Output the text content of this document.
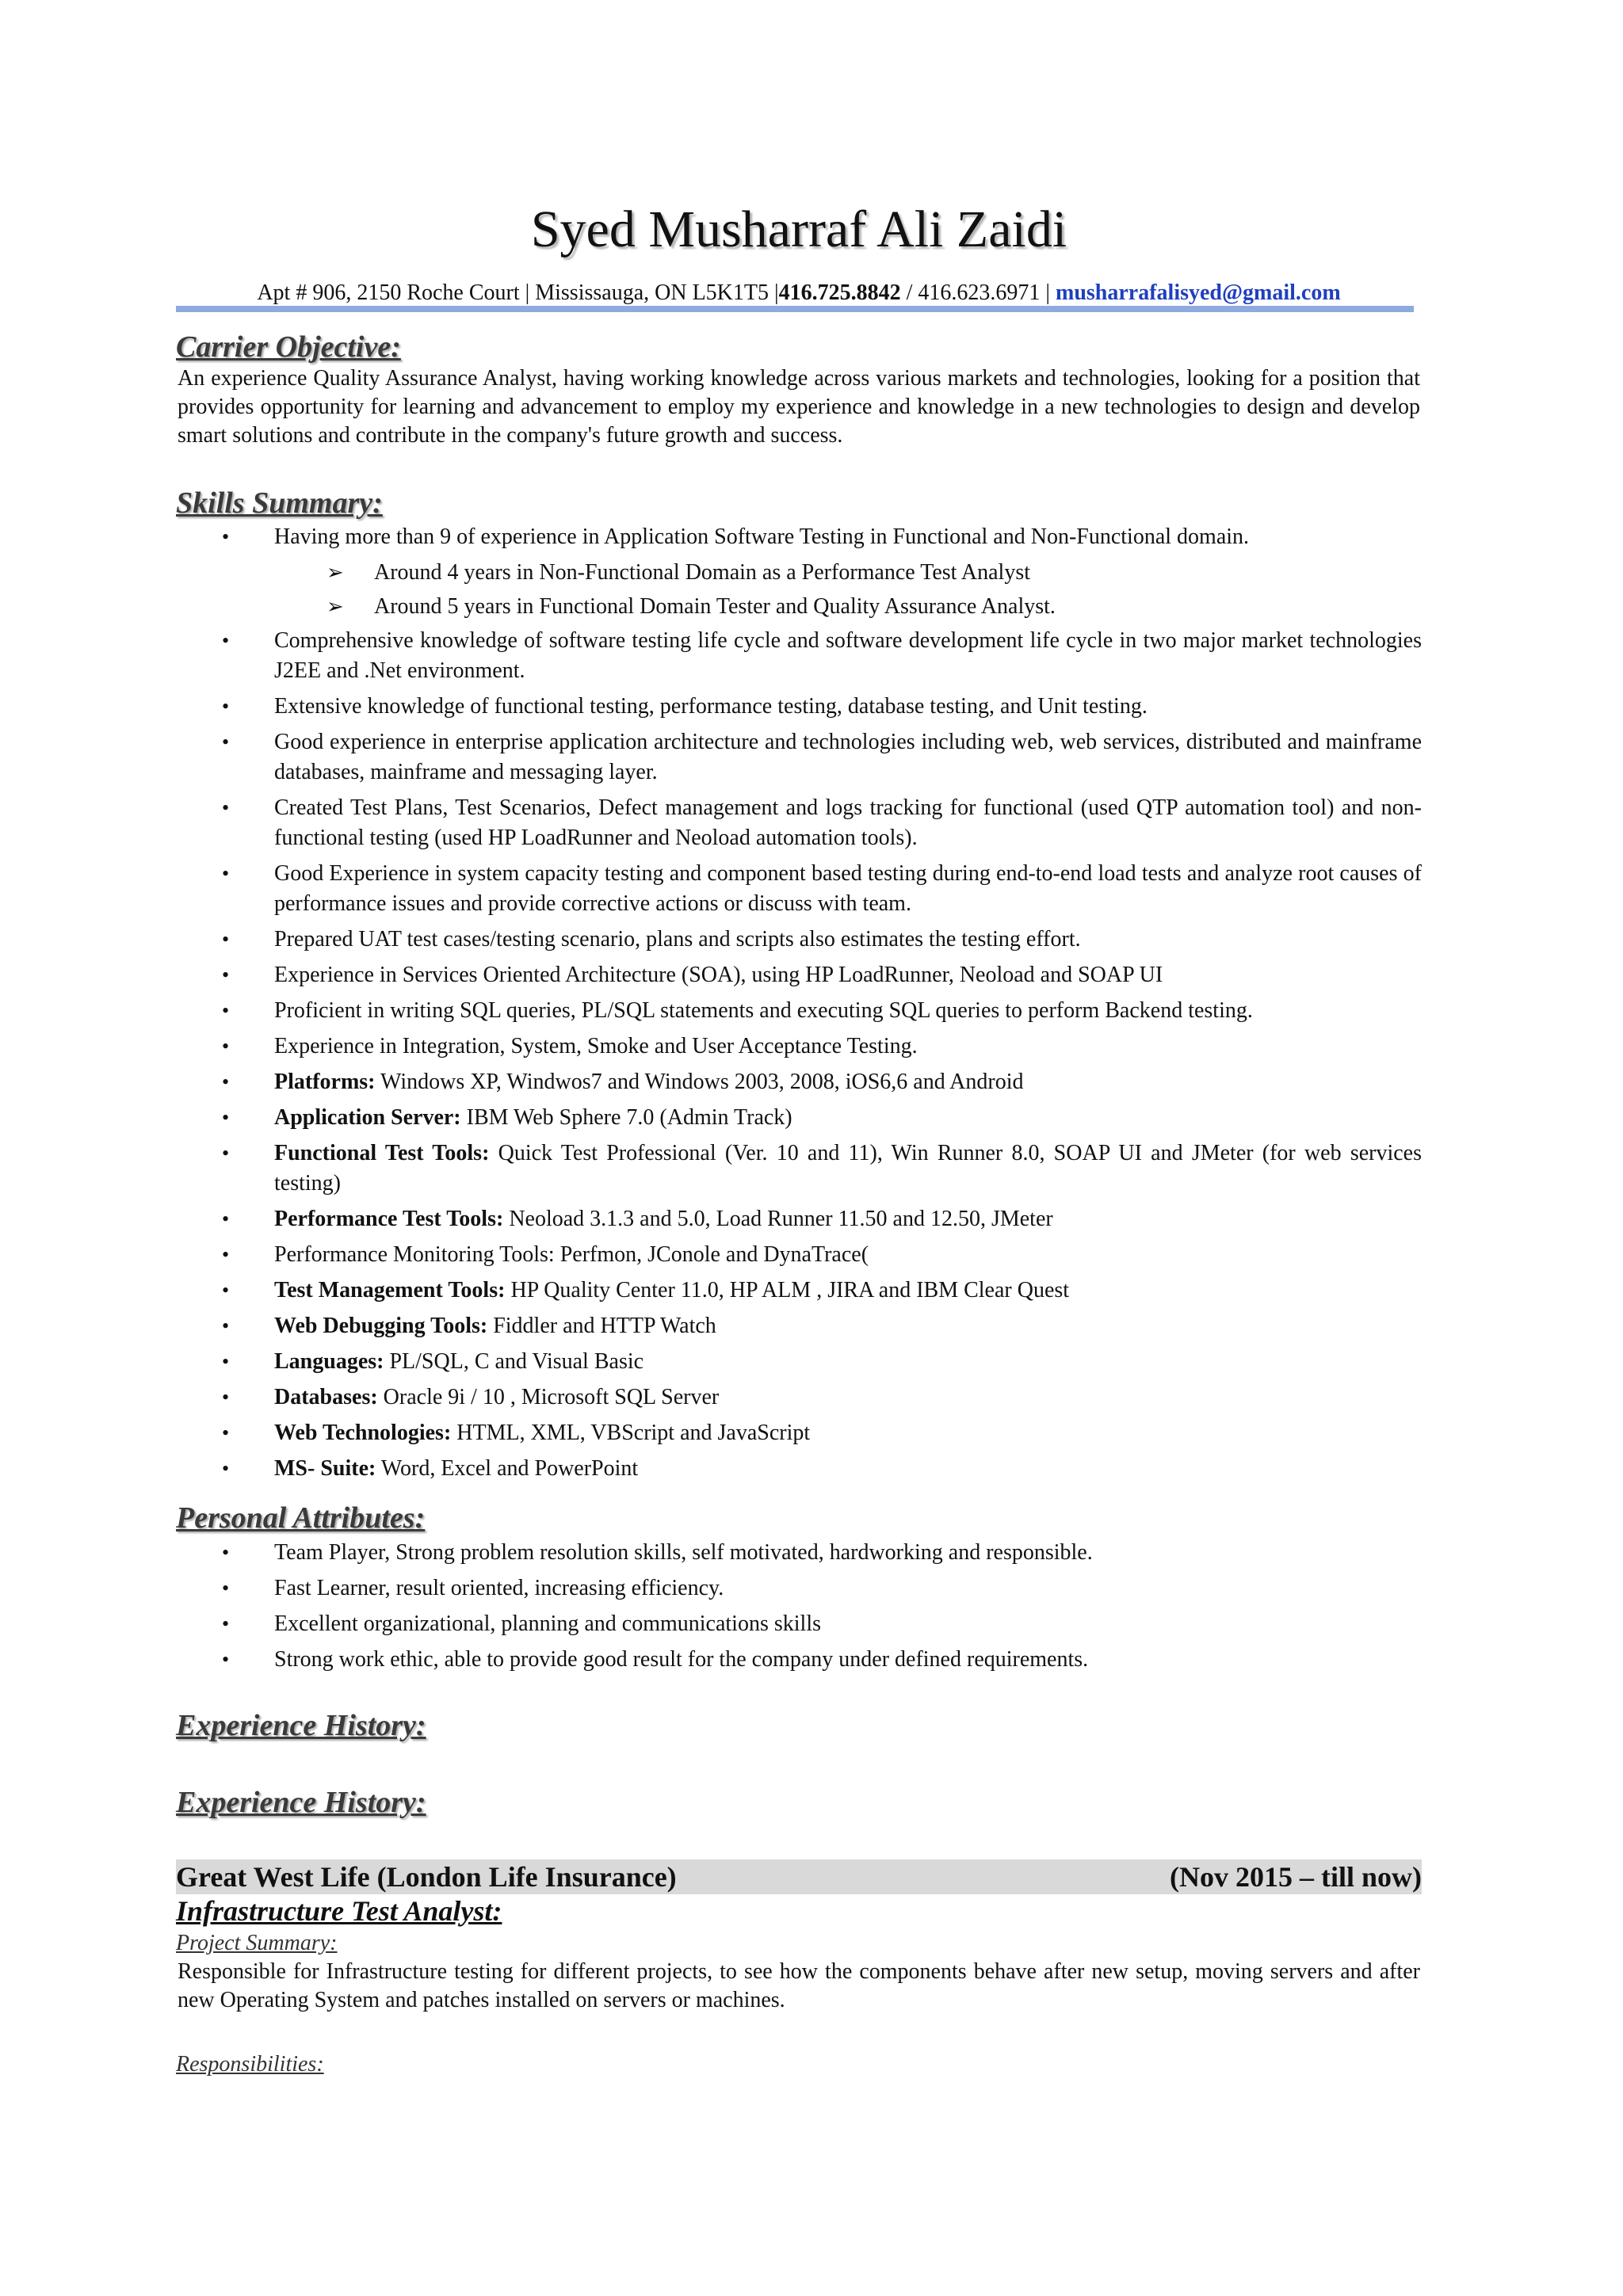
Syed Musharraf Ali Zaidi
Apt # 906, 2150 Roche Court | Mississauga, ON L5K1T5 |416.725.8842 / 416.623.6971 | musharrafalisyed@gmail.com
Carrier Objective:
An experience Quality Assurance Analyst, having working knowledge across various markets and technologies, looking for a position that provides opportunity for learning and advancement to employ my experience and knowledge in a new technologies to design and develop smart solutions and contribute in the company's future growth and success.
Skills Summary:
• Having more than 9 of experience in Application Software Testing in Functional and Non-Functional domain.
➢ Around 4 years in Non-Functional Domain as a Performance Test Analyst
➢ Around 5 years in Functional Domain Tester and Quality Assurance Analyst.
• Comprehensive knowledge of software testing life cycle and software development life cycle in two major market technologies J2EE and .Net environment.
• Extensive knowledge of functional testing, performance testing, database testing, and Unit testing.
• Good experience in enterprise application architecture and technologies including web, web services, distributed and mainframe databases, mainframe and messaging layer.
• Created Test Plans, Test Scenarios, Defect management and logs tracking for functional (used QTP automation tool) and non-functional testing (used HP LoadRunner and Neoload automation tools).
• Good Experience in system capacity testing and component based testing during end-to-end load tests and analyze root causes of performance issues and provide corrective actions or discuss with team.
• Prepared UAT test cases/testing scenario, plans and scripts also estimates the testing effort.
• Experience in Services Oriented Architecture (SOA), using HP LoadRunner, Neoload and SOAP UI
• Proficient in writing SQL queries, PL/SQL statements and executing SQL queries to perform Backend testing.
• Experience in Integration, System, Smoke and User Acceptance Testing.
• Platforms: Windows XP, Windwos7 and Windows 2003, 2008, iOS6,6 and Android
• Application Server: IBM Web Sphere 7.0 (Admin Track)
• Functional Test Tools: Quick Test Professional (Ver. 10 and 11), Win Runner 8.0, SOAP UI and JMeter (for web services testing)
• Performance Test Tools: Neoload 3.1.3 and 5.0, Load Runner 11.50 and 12.50, JMeter
• Performance Monitoring Tools: Perfmon, JConole and DynaTrace(
• Test Management Tools: HP Quality Center 11.0, HP ALM , JIRA and IBM Clear Quest
• Web Debugging Tools: Fiddler and HTTP Watch
• Languages: PL/SQL, C and Visual Basic
• Databases: Oracle 9i / 10 , Microsoft SQL Server
• Web Technologies: HTML, XML, VBScript and JavaScript
• MS- Suite: Word, Excel and PowerPoint
Personal Attributes:
• Team Player, Strong problem resolution skills, self motivated, hardworking and responsible.
• Fast Learner, result oriented, increasing efficiency.
• Excellent organizational, planning and communications skills
• Strong work ethic, able to provide good result for the company under defined requirements.
Experience History:
Experience History:
Great West Life (London Life Insurance)	(Nov 2015 – till now)
Infrastructure Test Analyst:
Project Summary:
Responsible for Infrastructure testing for different projects, to see how the components behave after new setup, moving servers and after new Operating System and patches installed on servers or machines.
Responsibilities:
